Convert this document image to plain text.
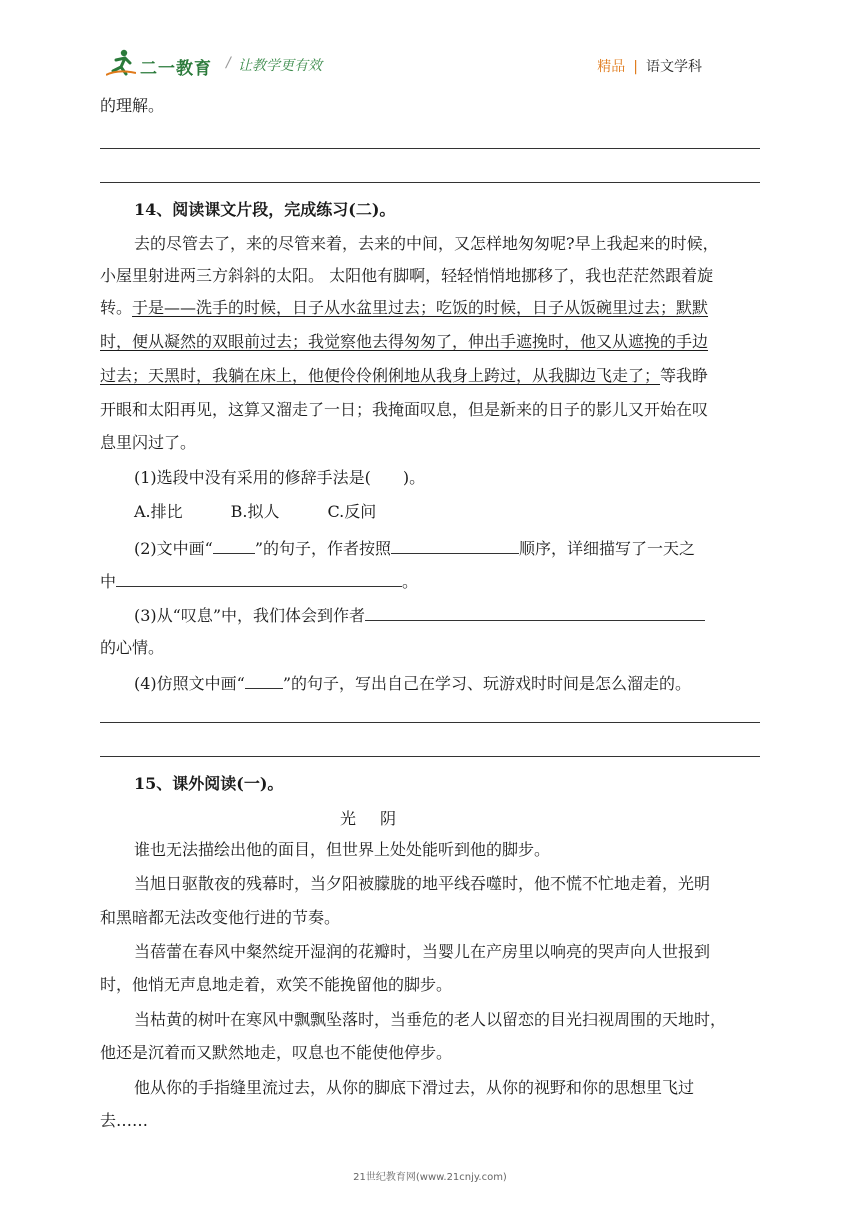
二一教育 / 让教学更有效	精品 | 语文学科
的理解。
14、阅读课文片段，完成练习(二)。
去的尽管去了，来的尽管来着，去来的中间，又怎样地匆匆呢?早上我起来的时候，
小屋里射进两三方斜斜的太阳。 太阳他有脚啊，轻轻悄悄地挪移了，我也茫茫然跟着旋
转。于是——洗手的时候，日子从水盆里过去；吃饭的时候，日子从饭碗里过去；默默
时，便从凝然的双眼前过去；我觉察他去得匆匆了，伸出手遮挽时，他又从遮挽的手边
过去；天黑时，我躺在床上，他便伶伶俐俐地从我身上跨过，从我脚边飞走了；等我睁
开眼和太阳再见，这算又溜走了一日；我掩面叹息，但是新来的日子的影儿又开始在叹
息里闪过了。
(1)选段中没有采用的修辞手法是(　　)。
A.排比　　　B.拟人　　　C.反问
(2)文中画“	”的句子，作者按照	顺序，详细描写了一天之
中	。
(3)从“叹息”中，我们体会到作者
的心情。
(4)仿照文中画“ ”的句子，写出自己在学习、玩游戏时时间是怎么溜走的。
15、课外阅读(一)。
光阴
谁也无法描绘出他的面目，但世界上处处能听到他的脚步。
当旭日驱散夜的残幕时，当夕阳被朦胧的地平线吞噬时，他不慌不忙地走着，光明
和黑暗都无法改变他行进的节奏。
当蓓蕾在春风中粲然绽开湿润的花瓣时，当婴儿在产房里以响亮的哭声向人世报到
时，他悄无声息地走着，欢笑不能挽留他的脚步。
当枯黄的树叶在寒风中飘飘坠落时，当垂危的老人以留恋的目光扫视周围的天地时，
他还是沉着而又默然地走，叹息也不能使他停步。
他从你的手指缝里流过去，从你的脚底下滑过去，从你的视野和你的思想里飞过
去……
21世纪教育网(www.21cnjy.com)
